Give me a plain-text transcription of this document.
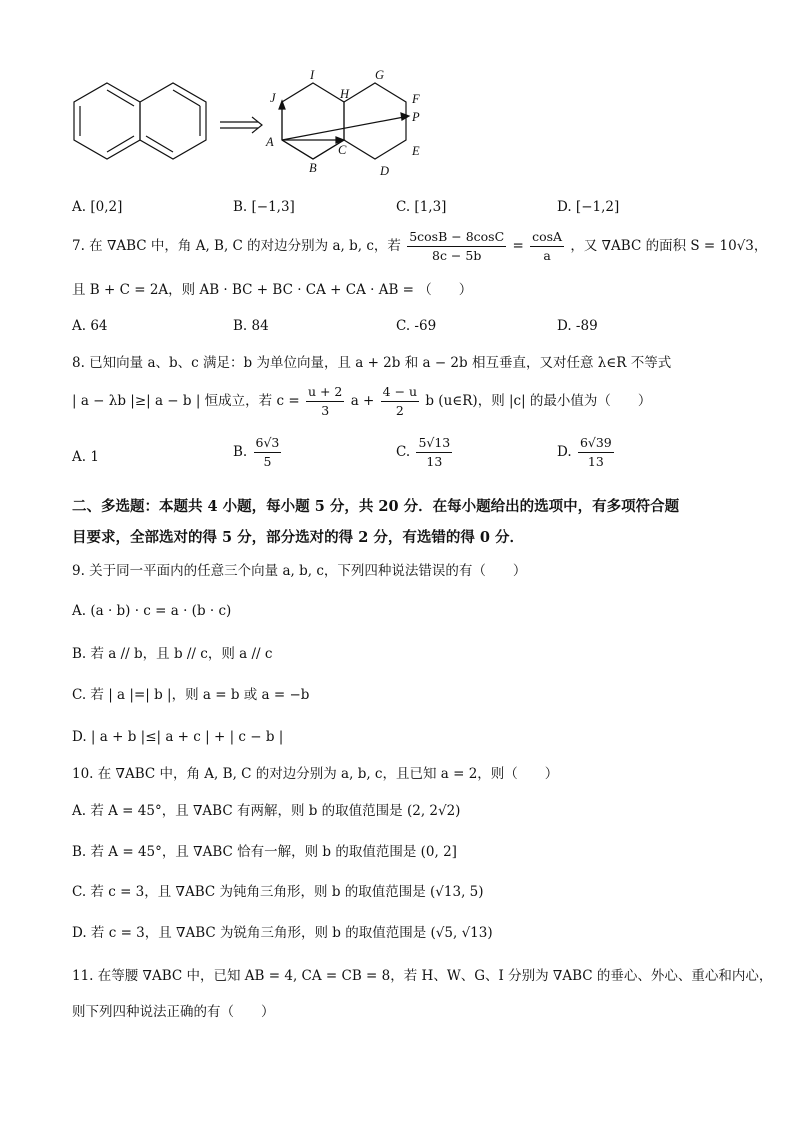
I	G
J	H	F
P
A
C	E
B	D
A. [0,2]	B. [−1,3]	C. [1,3]	D. [−1,2]
7. 在 ∇ABC 中，角 A, B, C 的对边分别为 a, b, c，若 $\frac{5\cos B - 8\cos C}{8c - 5b} = \frac{\cos A}{a}$ ，又 ∇ABC 的面积 S = 10√3，
且 B + C = 2A，则 AB · BC + BC · CA + CA · AB = （　　）
A. 64	B. 84	C. -69	D. -89
8. 已知向量 a、b、c 满足：b 为单位向量，且 a + 2b 和 a − 2b 相互垂直，又对任意 λ∈R 不等式
| a − λb |≥| a − b | 恒成立，若 $c = \frac{u + 2}{3}$ $a + \frac{4 - u}{2}$ b (u∈R)，则 |c| 的最小值为（　　）
A. 1	B. $\frac{6√3}{5}$	C. $\frac{5√13}{13}$	D. $\frac{6√39}{13}$
二、多选题：本题共 4 小题，每小题 5 分，共 20 分．在每小题给出的选项中，有多项符合题
目要求，全部选对的得 5 分，部分选对的得 2 分，有选错的得 0 分．
9. 关于同一平面内的任意三个向量 a, b, c，下列四种说法错误的有（　　）
A. (a · b) · c = a · (b · c)
B. 若 a // b，且 b // c，则 a // c
C. 若 | a |=| b |，则 a = b 或 a = −b
D. | a + b |≤| a + c | + | c − b |
10. 在 ∇ABC 中，角 A, B, C 的对边分别为 a, b, c，且已知 a = 2，则（　　）
A. 若 A = 45°，且 ∇ABC 有两解，则 b 的取值范围是 (2, 2√2)
B. 若 A = 45°，且 ∇ABC 恰有一解，则 b 的取值范围是 (0, 2]
C. 若 c = 3，且 ∇ABC 为钝角三角形，则 b 的取值范围是 (√13, 5)
D. 若 c = 3，且 ∇ABC 为锐角三角形，则 b 的取值范围是 (√5, √13)
11. 在等腰 ∇ABC 中，已知 AB = 4, CA = CB = 8，若 H、W、G、I 分别为 ∇ABC 的垂心、外心、重心和内心，
则下列四种说法正确的有（　　）
